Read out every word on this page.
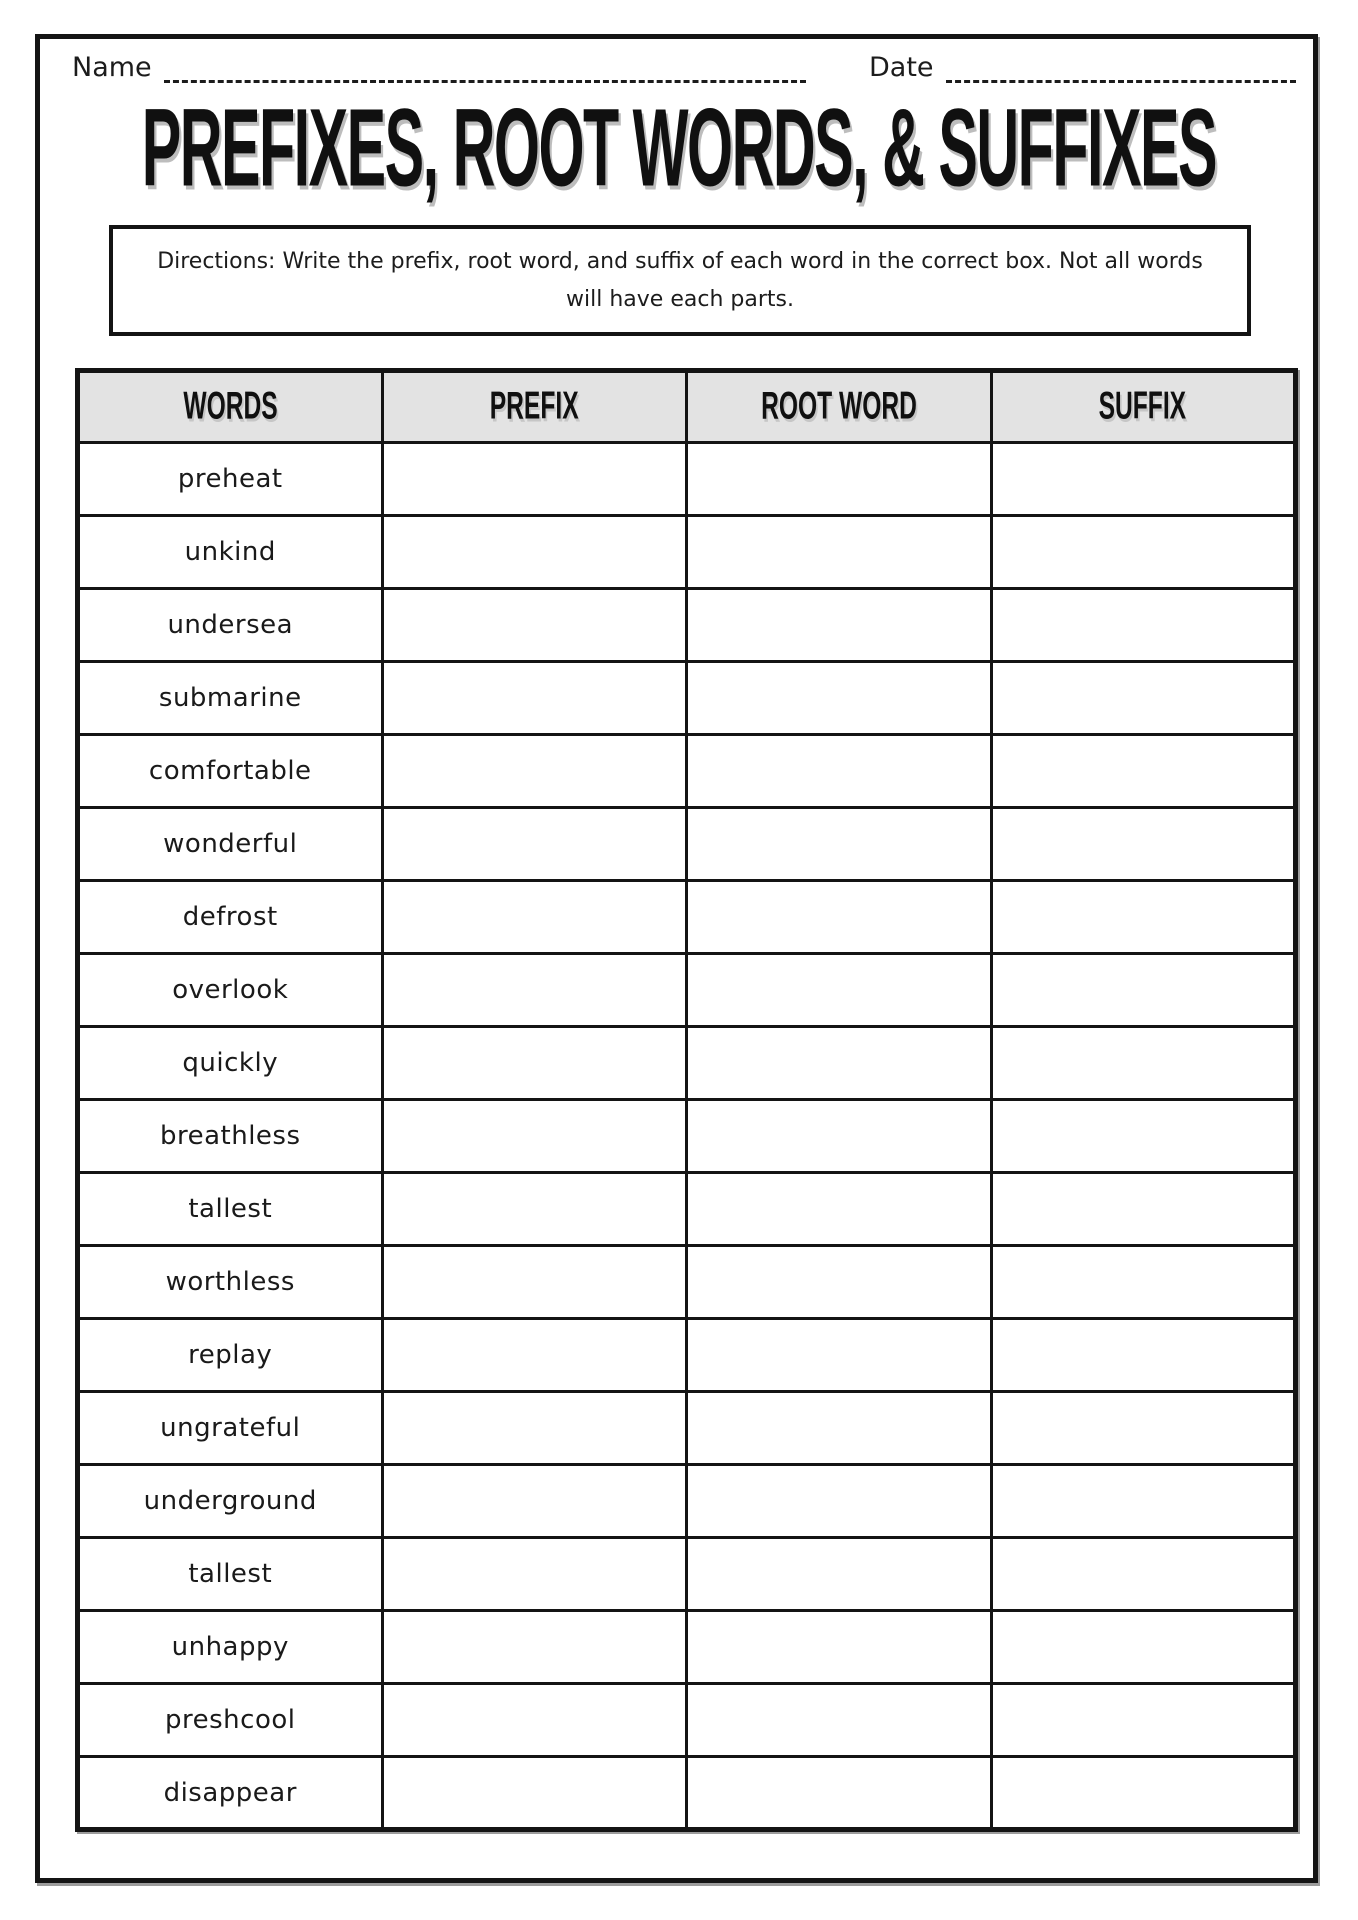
Name	Date
PREFIXES, ROOT WORDS, & SUFFIXES
Directions: Write the prefix, root word, and suffix of each word in the correct box. Not all words will have each parts.
WORDS	PREFIX	ROOT WORD	SUFFIX
preheat			
unkind			
undersea			
submarine			
comfortable			
wonderful			
defrost			
overlook			
quickly			
breathless			
tallest			
worthless			
replay			
ungrateful			
underground			
tallest			
unhappy			
preshcool			
disappear			
